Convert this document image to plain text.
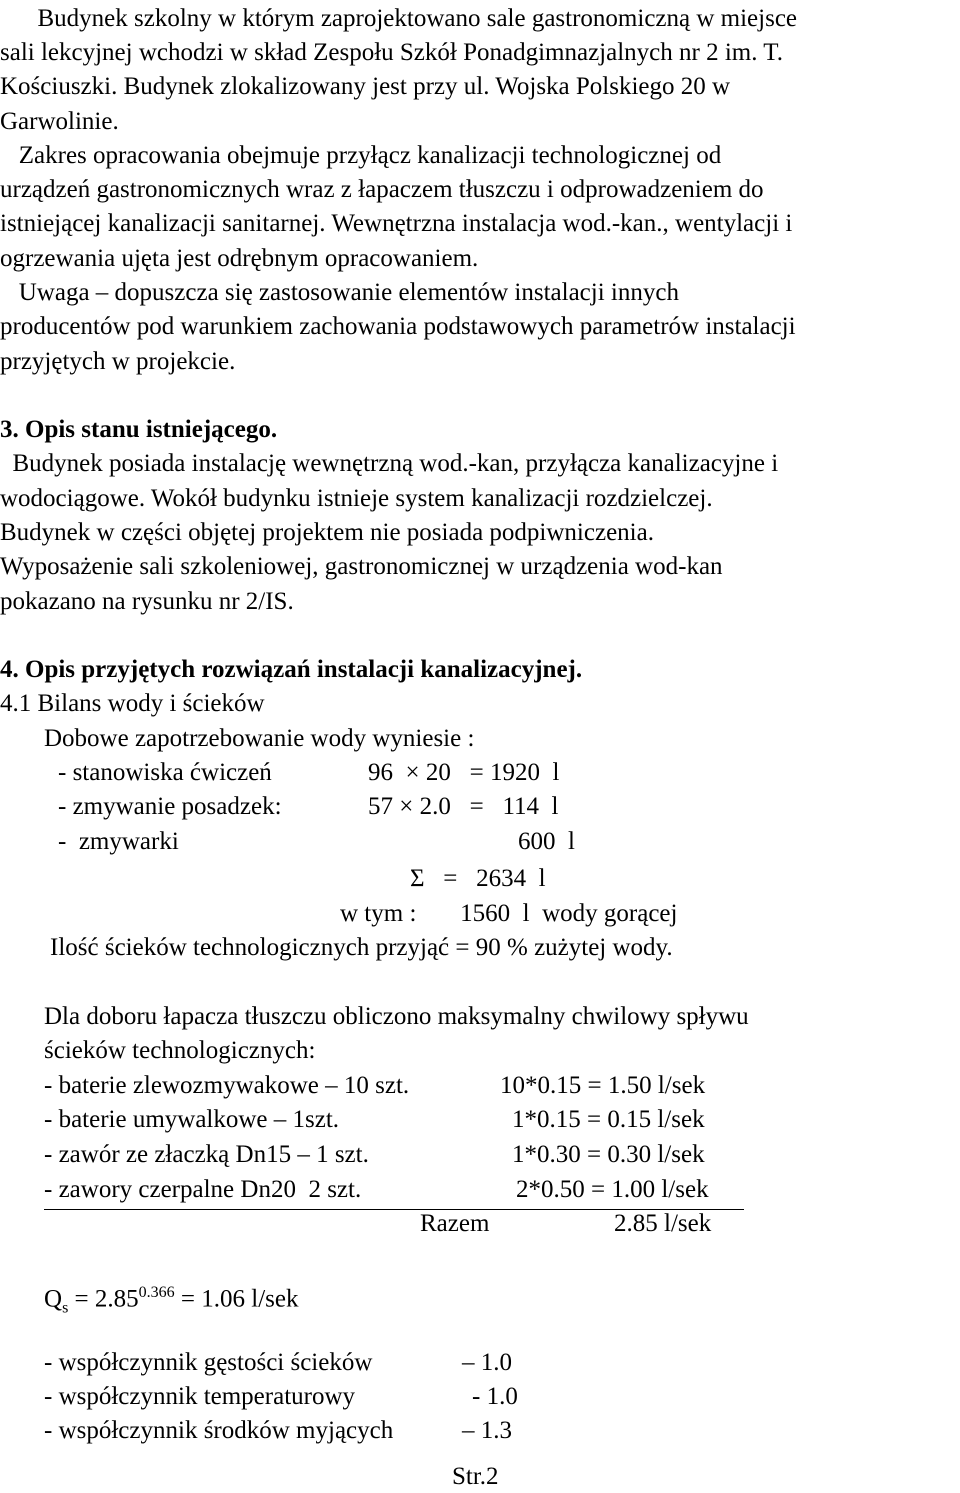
Budynek szkolny w którym zaprojektowano sale gastronomiczną w miejsce
sali lekcyjnej wchodzi w skład Zespołu Szkół Ponadgimnazjalnych nr 2 im. T.
Kościuszki. Budynek zlokalizowany jest przy ul. Wojska Polskiego 20 w
Garwolinie.
Zakres opracowania obejmuje przyłącz kanalizacji technologicznej od
urządzeń gastronomicznych wraz z łapaczem tłuszczu i odprowadzeniem do
istniejącej kanalizacji sanitarnej. Wewnętrzna instalacja wod.-kan., wentylacji i
ogrzewania ujęta jest odrębnym opracowaniem.
Uwaga – dopuszcza się zastosowanie elementów instalacji innych
producentów pod warunkiem zachowania podstawowych parametrów instalacji
przyjętych w projekcie.
3. Opis stanu istniejącego.
Budynek posiada instalację wewnętrzną wod.-kan, przyłącza kanalizacyjne i
wodociągowe. Wokół budynku istnieje system kanalizacji rozdzielczej.
Budynek w części objętej projektem nie posiada podpiwniczenia.
Wyposażenie sali szkoleniowej, gastronomicznej w urządzenia wod-kan
pokazano na rysunku nr 2/IS.
4. Opis przyjętych rozwiązań instalacji kanalizacyjnej.
4.1 Bilans wody i ścieków
Dobowe zapotrzebowanie wody wyniesie :
- stanowiska ćwiczeń	96  × 20   = 1920  l
- zmywanie posadzek:	57 × 2.0   =   114  l
-  zmywarki	600  l
Σ   =   2634  l
w tym :       1560  l  wody gorącej
Ilość ścieków technologicznych przyjąć = 90 % zużytej wody.
Dla doboru łapacza tłuszczu obliczono maksymalny chwilowy spływu
ścieków technologicznych:
- baterie zlewozmywakowe – 10 szt.	10*0.15 = 1.50 l/sek
- baterie umywalkowe – 1szt.	1*0.15 = 0.15 l/sek
- zawór ze złaczką Dn15 – 1 szt.	1*0.30 = 0.30 l/sek
- zawory czerpalne Dn20  2 szt.	2*0.50 = 1.00 l/sek
Razem	2.85 l/sek
$Q_s = 2.85^{0.366} = 1.06$ l/sek
- współczynnik gęstości ścieków	– 1.0
- współczynnik temperaturowy	- 1.0
- współczynnik środków myjących	– 1.3
Str.2
